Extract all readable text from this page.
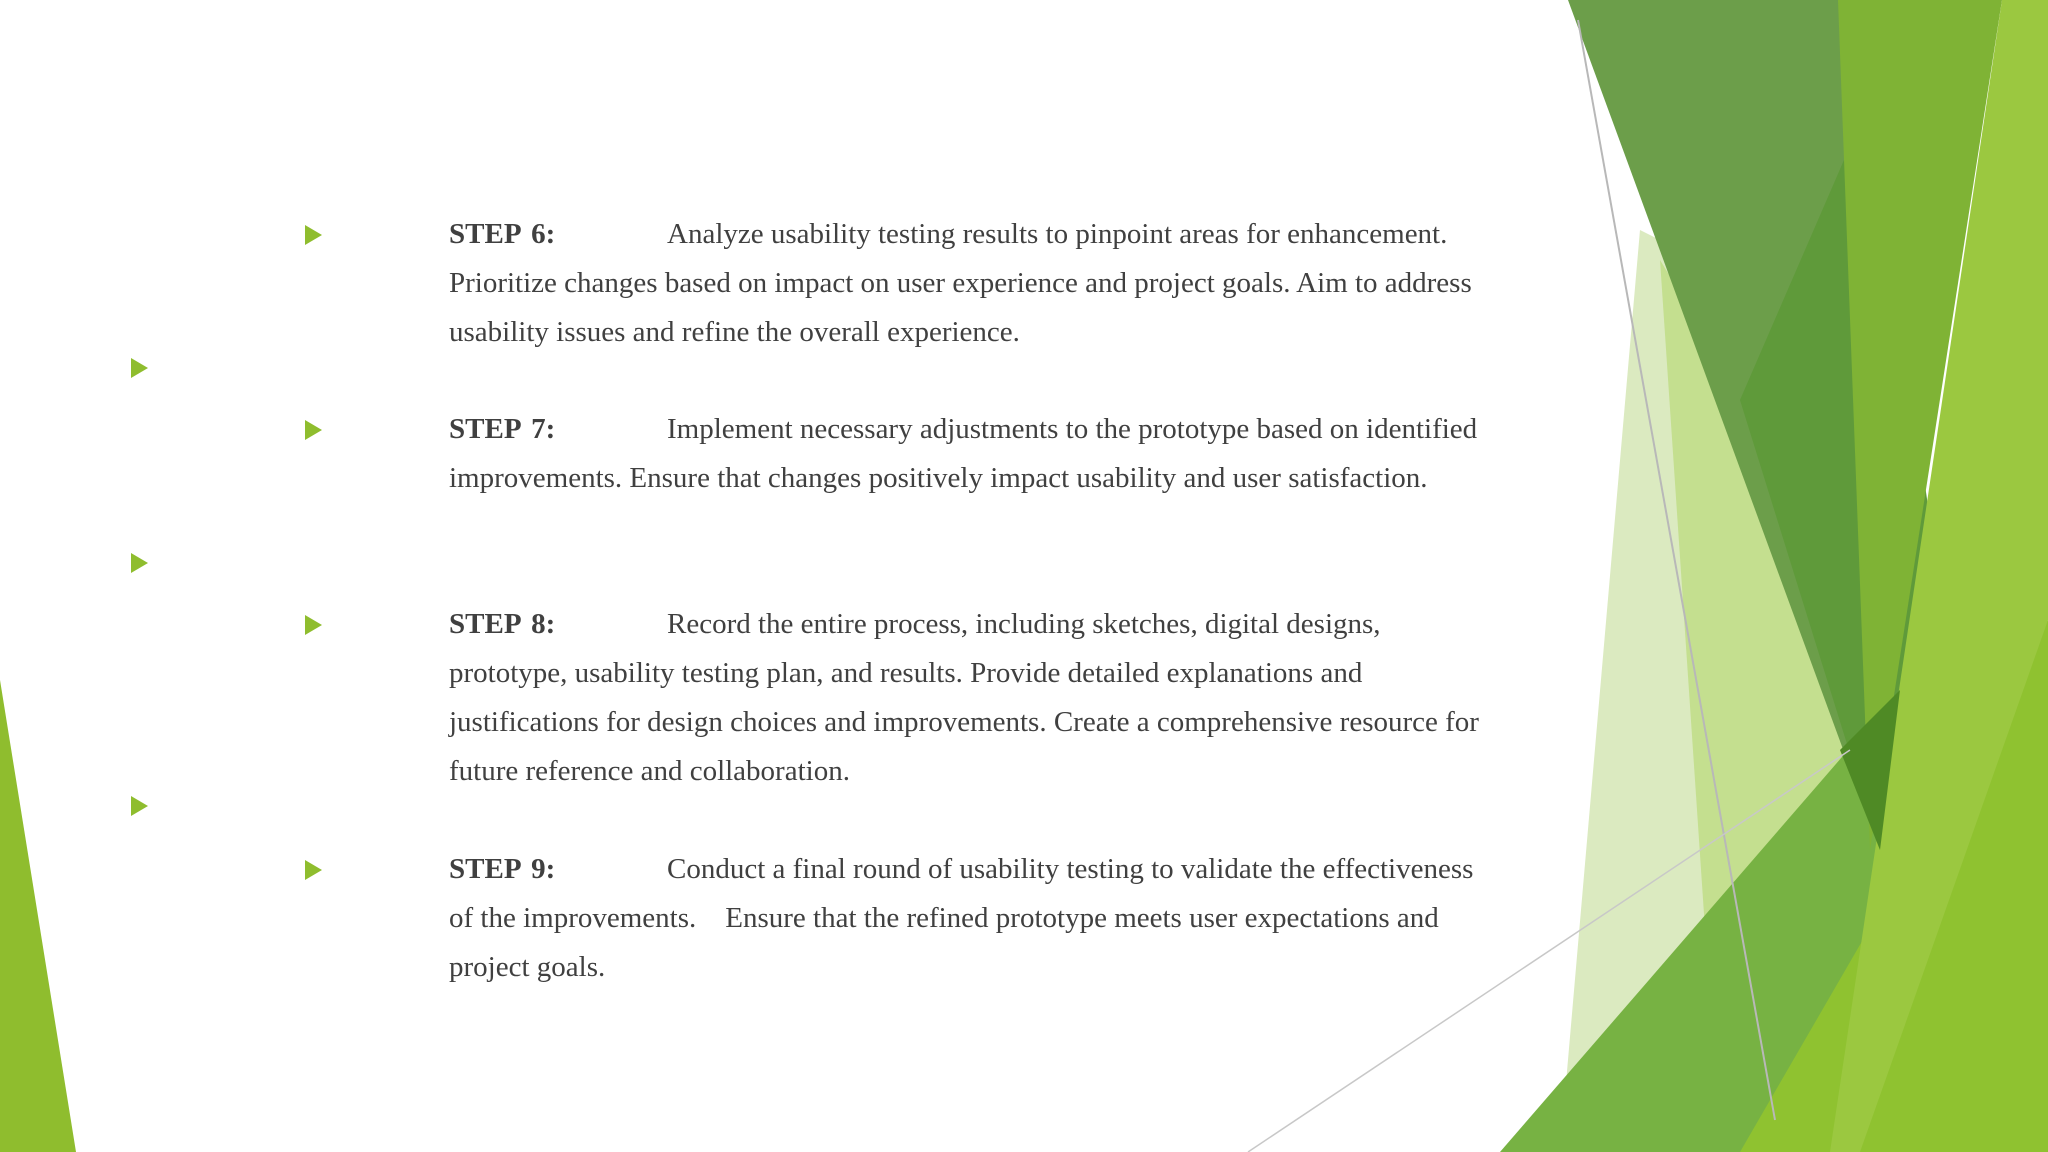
STEP 6:	Analyze usability testing results to pinpoint areas for enhancement. Prioritize changes based on impact on user experience and project goals. Aim to address usability issues and refine the overall experience.
STEP 7:	Implement necessary adjustments to the prototype based on identified improvements. Ensure that changes positively impact usability and user satisfaction.
STEP 8:	Record the entire process, including sketches, digital designs, prototype, usability testing plan, and results. Provide detailed explanations and justifications for design choices and improvements. Create a comprehensive resource for future reference and collaboration.
STEP 9:	Conduct a final round of usability testing to validate the effectiveness of the improvements.    Ensure that the refined prototype meets user expectations and project goals.
